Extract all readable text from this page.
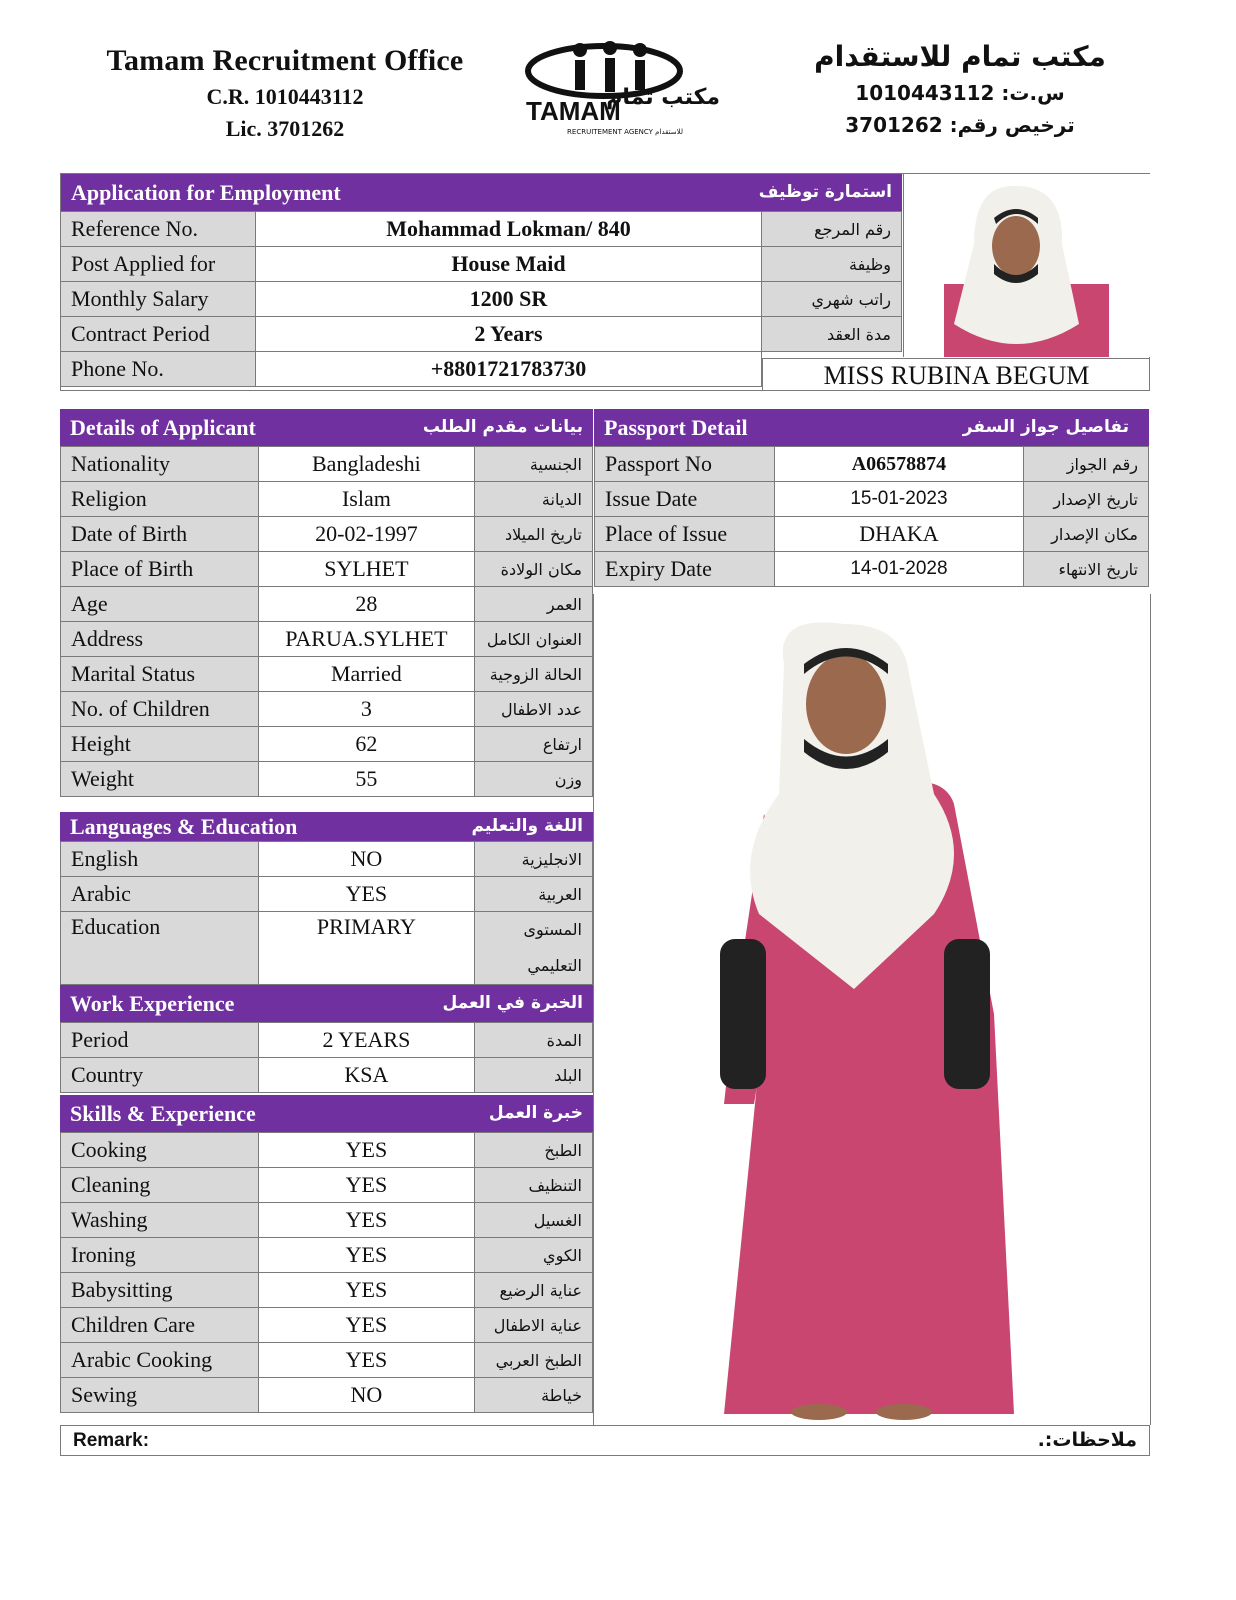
Tamam Recruitment Office
C.R. 1010443112
Lic. 3701262
TAMAM
مكتب تمام
RECRUITEMENT AGENCY للاستقدام
مكتب تمام للاستقدام
س.ت: 1010443112
ترخيص رقم: 3701262
Application for Employment	استمارة توظيف
Reference No.	Mohammad Lokman/ 840	رقم المرجع
Post Applied for	House Maid	وظيفة
Monthly Salary	1200 SR	راتب شهري
Contract Period	2 Years	مدة العقد
Phone No.	+8801721783730		MISS RUBINA BEGUM
Details of Applicant	بيانات مقدم الطلب
Nationality	Bangladeshi	الجنسية
Religion	Islam	الديانة
Date of Birth	20-02-1997	تاريخ الميلاد
Place of Birth	SYLHET	مكان الولادة
Age	28	العمر
Address	PARUA.SYLHET	العنوان الكامل
Marital Status	Married	الحالة الزوجية
No. of Children	3	عدد الاطفال
Height	62	ارتفاع
Weight	55	وزن
Languages & Education	اللغة والتعليم
English	NO	الانجليزية
Arabic	YES	العربية
Education	PRIMARY	المستوى
التعليمي
Work Experience	الخبرة في العمل
Period	2 YEARS	المدة
Country	KSA	البلد
Skills & Experience	خبرة العمل
Cooking	YES	الطبخ
Cleaning	YES	التنظيف
Washing	YES	الغسيل
Ironing	YES	الكوي
Babysitting	YES	عناية الرضيع
Children Care	YES	عناية الاطفال
Arabic Cooking	YES	الطبخ العربي
Sewing	NO	خياطة
Passport Detail	تفاصيل جواز السفر
Passport No	A06578874	رقم الجواز
Issue Date	15-01-2023	تاريخ الإصدار
Place of Issue	DHAKA	مكان الإصدار
Expiry Date	14-01-2028	تاريخ الانتهاء
Remark:	ملاحظات:.
